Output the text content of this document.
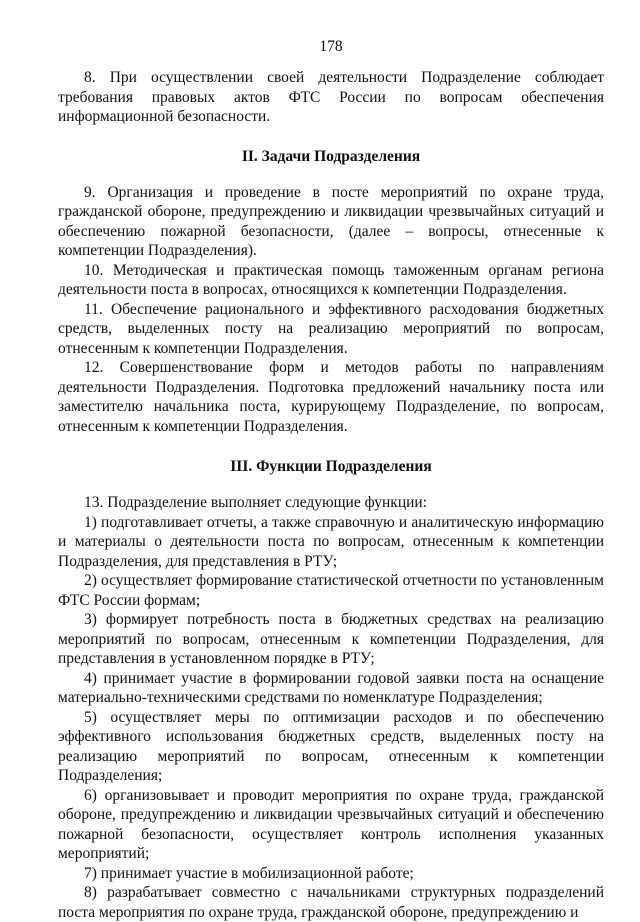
178

8. При осуществлении своей деятельности Подразделение соблюдает требования правовых актов ФТС России по вопросам обеспечения информационной безопасности.

II. Задачи Подразделения

9. Организация и проведение в посте мероприятий по охране труда, гражданской обороне, предупреждению и ликвидации чрезвычайных ситуаций и обеспечению пожарной безопасности, (далее – вопросы, отнесенные к компетенции Подразделения).

10. Методическая и практическая помощь таможенным органам региона деятельности поста в вопросах, относящихся к компетенции Подразделения.

11. Обеспечение рационального и эффективного расходования бюджетных средств, выделенных посту на реализацию мероприятий по вопросам, отнесенным к компетенции Подразделения.

12. Совершенствование форм и методов работы по направлениям деятельности Подразделения. Подготовка предложений начальнику поста или заместителю начальника поста, курирующему Подразделение, по вопросам, отнесенным к компетенции Подразделения.

III. Функции Подразделения

13. Подразделение выполняет следующие функции:

1) подготавливает отчеты, а также справочную и аналитическую информацию и материалы о деятельности поста по вопросам, отнесенным к компетенции Подразделения, для представления в РТУ;

2) осуществляет формирование статистической отчетности по установленным ФТС России формам;

3) формирует потребность поста в бюджетных средствах на реализацию мероприятий по вопросам, отнесенным к компетенции Подразделения, для представления в установленном порядке в РТУ;

4) принимает участие в формировании годовой заявки поста на оснащение материально-техническими средствами по номенклатуре Подразделения;

5) осуществляет меры по оптимизации расходов и по обеспечению эффективного использования бюджетных средств, выделенных посту на реализацию мероприятий по вопросам, отнесенным к компетенции Подразделения;

6) организовывает и проводит мероприятия по охране труда, гражданской обороне, предупреждению и ликвидации чрезвычайных ситуаций и обеспечению пожарной безопасности, осуществляет контроль исполнения указанных мероприятий;

7) принимает участие в мобилизационной работе;

8) разрабатывает совместно с начальниками структурных подразделений поста мероприятия по охране труда, гражданской обороне, предупреждению и
